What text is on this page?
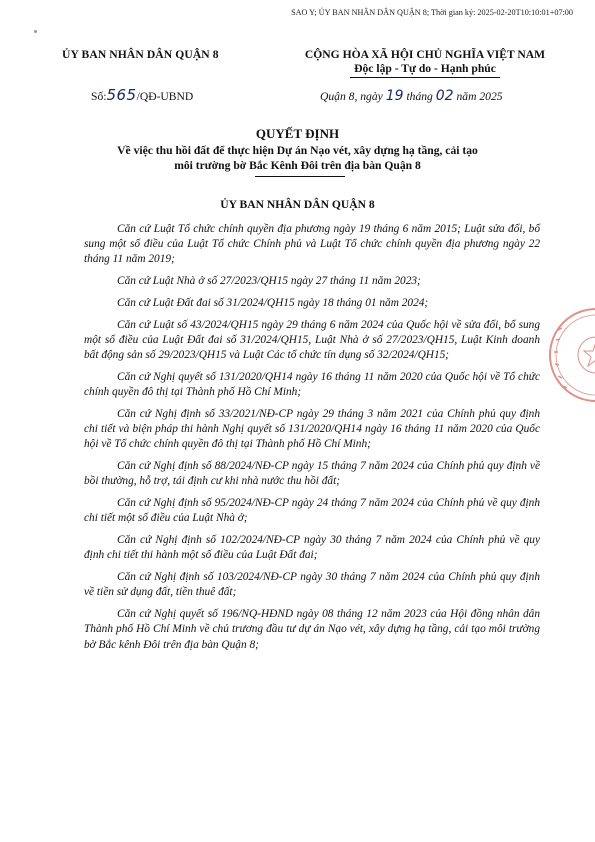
SAO Y; ỦY BAN NHÂN DÂN QUẬN 8; Thời gian ký: 2025-02-20T10:10:01+07:00
ỦY BAN NHÂN DÂN QUẬN 8	CỘNG HÒA XÃ HỘI CHỦ NGHĨA VIỆT NAM
Độc lập - Tự do - Hạnh phúc
Số:565/QĐ-UBND	Quận 8, ngày 19 tháng 02 năm 2025
QUYẾT ĐỊNH
Về việc thu hồi đất để thực hiện Dự án Nạo vét, xây dựng hạ tầng, cải tạo
môi trường bờ Bắc Kênh Đôi trên địa bàn Quận 8
ỦY BAN NHÂN DÂN QUẬN 8

Căn cứ Luật Tổ chức chính quyền địa phương ngày 19 tháng 6 năm 2015; Luật sửa đổi, bổ sung một số điều của Luật Tổ chức Chính phủ và Luật Tổ chức chính quyền địa phương ngày 22 tháng 11 năm 2019;

Căn cứ Luật Nhà ở số 27/2023/QH15 ngày 27 tháng 11 năm 2023;

Căn cứ Luật Đất đai số 31/2024/QH15 ngày 18 tháng 01 năm 2024;

Căn cứ Luật số 43/2024/QH15 ngày 29 tháng 6 năm 2024 của Quốc hội về sửa đổi, bổ sung một số điều của Luật Đất đai số 31/2024/QH15, Luật Nhà ở số 27/2023/QH15, Luật Kinh doanh bất động sản số 29/2023/QH15 và Luật Các tổ chức tín dụng số 32/2024/QH15;

Căn cứ Nghị quyết số 131/2020/QH14 ngày 16 tháng 11 năm 2020 của Quốc hội về Tổ chức chính quyền đô thị tại Thành phố Hồ Chí Minh;

Căn cứ Nghị định số 33/2021/NĐ-CP ngày 29 tháng 3 năm 2021 của Chính phủ quy định chi tiết và biện pháp thi hành Nghị quyết số 131/2020/QH14 ngày 16 tháng 11 năm 2020 của Quốc hội về Tổ chức chính quyền đô thị tại Thành phố Hồ Chí Minh;

Căn cứ Nghị định số 88/2024/NĐ-CP ngày 15 tháng 7 năm 2024 của Chính phủ quy định về bồi thường, hỗ trợ, tái định cư khi nhà nước thu hồi đất;

Căn cứ Nghị định số 95/2024/NĐ-CP ngày 24 tháng 7 năm 2024 của Chính phủ về quy định chi tiết một số điều của Luật Nhà ở;

Căn cứ Nghị định số 102/2024/NĐ-CP ngày 30 tháng 7 năm 2024 của Chính phủ về quy định chi tiết thi hành một số điều của Luật Đất đai;

Căn cứ Nghị định số 103/2024/NĐ-CP ngày 30 tháng 7 năm 2024 của Chính phủ quy định về tiền sử dụng đất, tiền thuê đất;

Căn cứ Nghị quyết số 196/NQ-HĐND ngày 08 tháng 12 năm 2023 của Hội đồng nhân dân Thành phố Hồ Chí Minh về chủ trương đầu tư dự án Nạo vét, xây dựng hạ tầng, cải tạo môi trường bờ Bắc kênh Đôi trên địa bàn Quận 8;
